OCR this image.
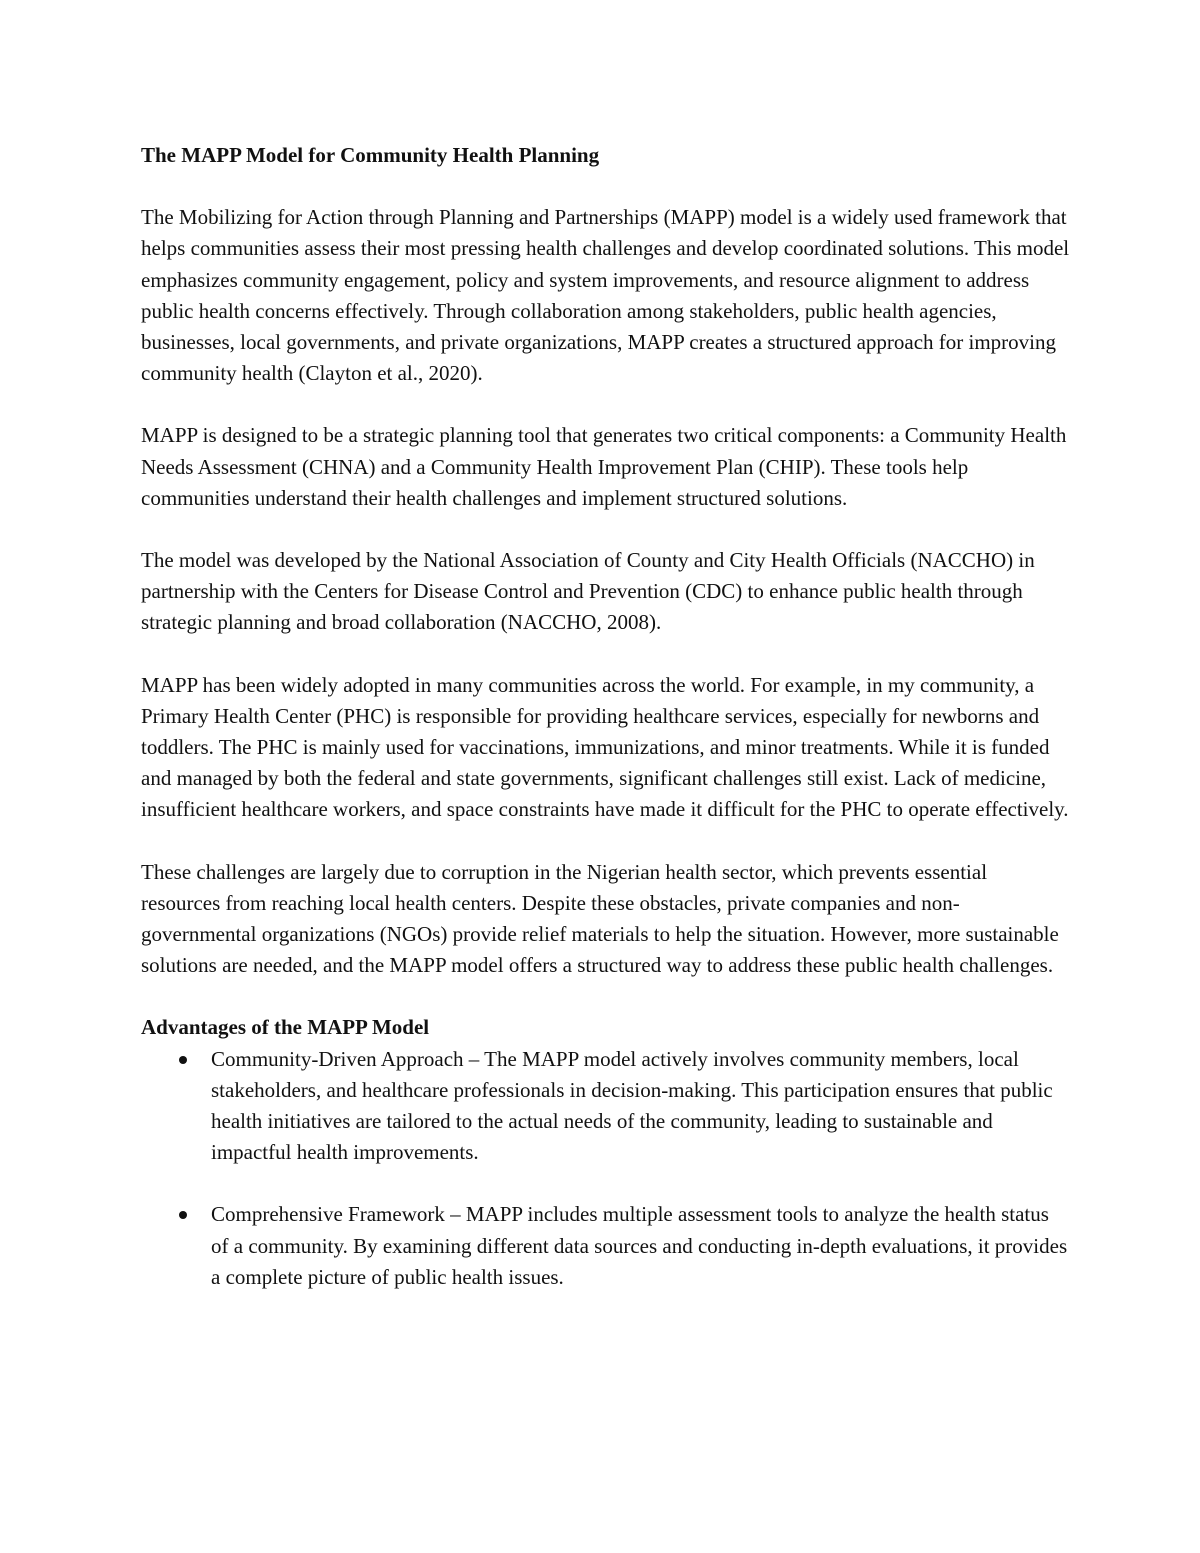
The MAPP Model for Community Health Planning

The Mobilizing for Action through Planning and Partnerships (MAPP) model is a widely used framework that helps communities assess their most pressing health challenges and develop coordinated solutions. This model emphasizes community engagement, policy and system improvements, and resource alignment to address public health concerns effectively. Through collaboration among stakeholders, public health agencies, businesses, local governments, and private organizations, MAPP creates a structured approach for improving community health (Clayton et al., 2020).

MAPP is designed to be a strategic planning tool that generates two critical components: a Community Health Needs Assessment (CHNA) and a Community Health Improvement Plan (CHIP). These tools help communities understand their health challenges and implement structured solutions.

The model was developed by the National Association of County and City Health Officials (NACCHO) in partnership with the Centers for Disease Control and Prevention (CDC) to enhance public health through strategic planning and broad collaboration (NACCHO, 2008).

MAPP has been widely adopted in many communities across the world. For example, in my community, a Primary Health Center (PHC) is responsible for providing healthcare services, especially for newborns and toddlers. The PHC is mainly used for vaccinations, immunizations, and minor treatments. While it is funded and managed by both the federal and state governments, significant challenges still exist. Lack of medicine, insufficient healthcare workers, and space constraints have made it difficult for the PHC to operate effectively.

These challenges are largely due to corruption in the Nigerian health sector, which prevents essential resources from reaching local health centers. Despite these obstacles, private companies and non-governmental organizations (NGOs) provide relief materials to help the situation. However, more sustainable solutions are needed, and the MAPP model offers a structured way to address these public health challenges.

Advantages of the MAPP Model
Community-Driven Approach – The MAPP model actively involves community members, local stakeholders, and healthcare professionals in decision-making. This participation ensures that public health initiatives are tailored to the actual needs of the community, leading to sustainable and impactful health improvements.
Comprehensive Framework – MAPP includes multiple assessment tools to analyze the health status of a community. By examining different data sources and conducting in-depth evaluations, it provides a complete picture of public health issues.
